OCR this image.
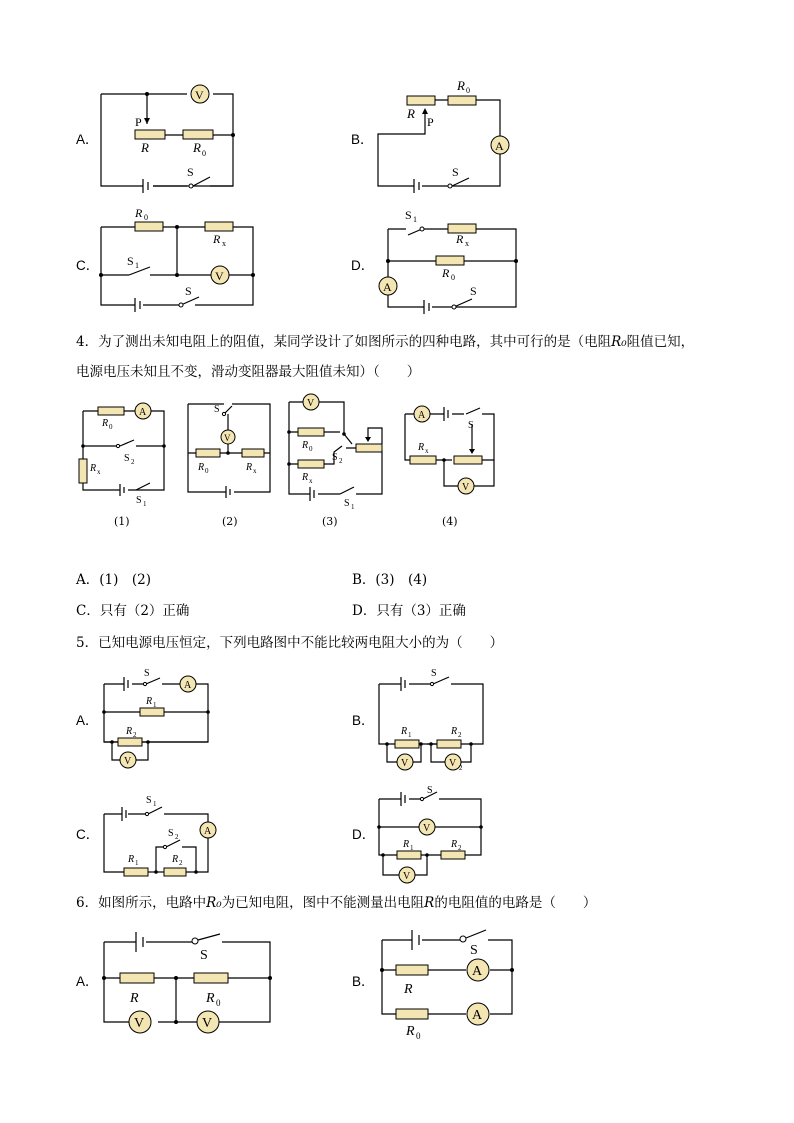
A．
V
P
R	R 0
S
B．	A
R 0
R
P
S
C．
V
R 0
R x
S 1
S
D．
A
S 1
R x
R 0
S
4．为了测出未知电阻上的阻值，某同学设计了如图所示的四种电路，其中可行的是（电阻R₀阻值已知，
电源电压未知且不变，滑动变阻器最大阻值未知）（　　）
A
R 0
R x
S 2
S 1
(1)
V
S
R 0	R x
(2)
V
R 0
R x
S 2
S 1
(3)
A
V
S
R x
(4)
A．(1)　(2)	B．(3)　(4)
C．只有（2）正确	D．只有（3）正确
5．已知电源电压恒定，下列电路图中不能比较两电阻大小的为（　　）
A．
A
V
S
R 1
R 2
B．
V	V
S
R 1	R 2
2
C．	A
S 1
S 2
R 1	R 2
D．	V
V
S
R 1	R 2
6．如图所示，电路中R₀为已知电阻，图中不能测量出电阻R的电阻值的电路是（　　）
A．
V	V
S
R	R 0
B．
A
A
S
R
R 0
